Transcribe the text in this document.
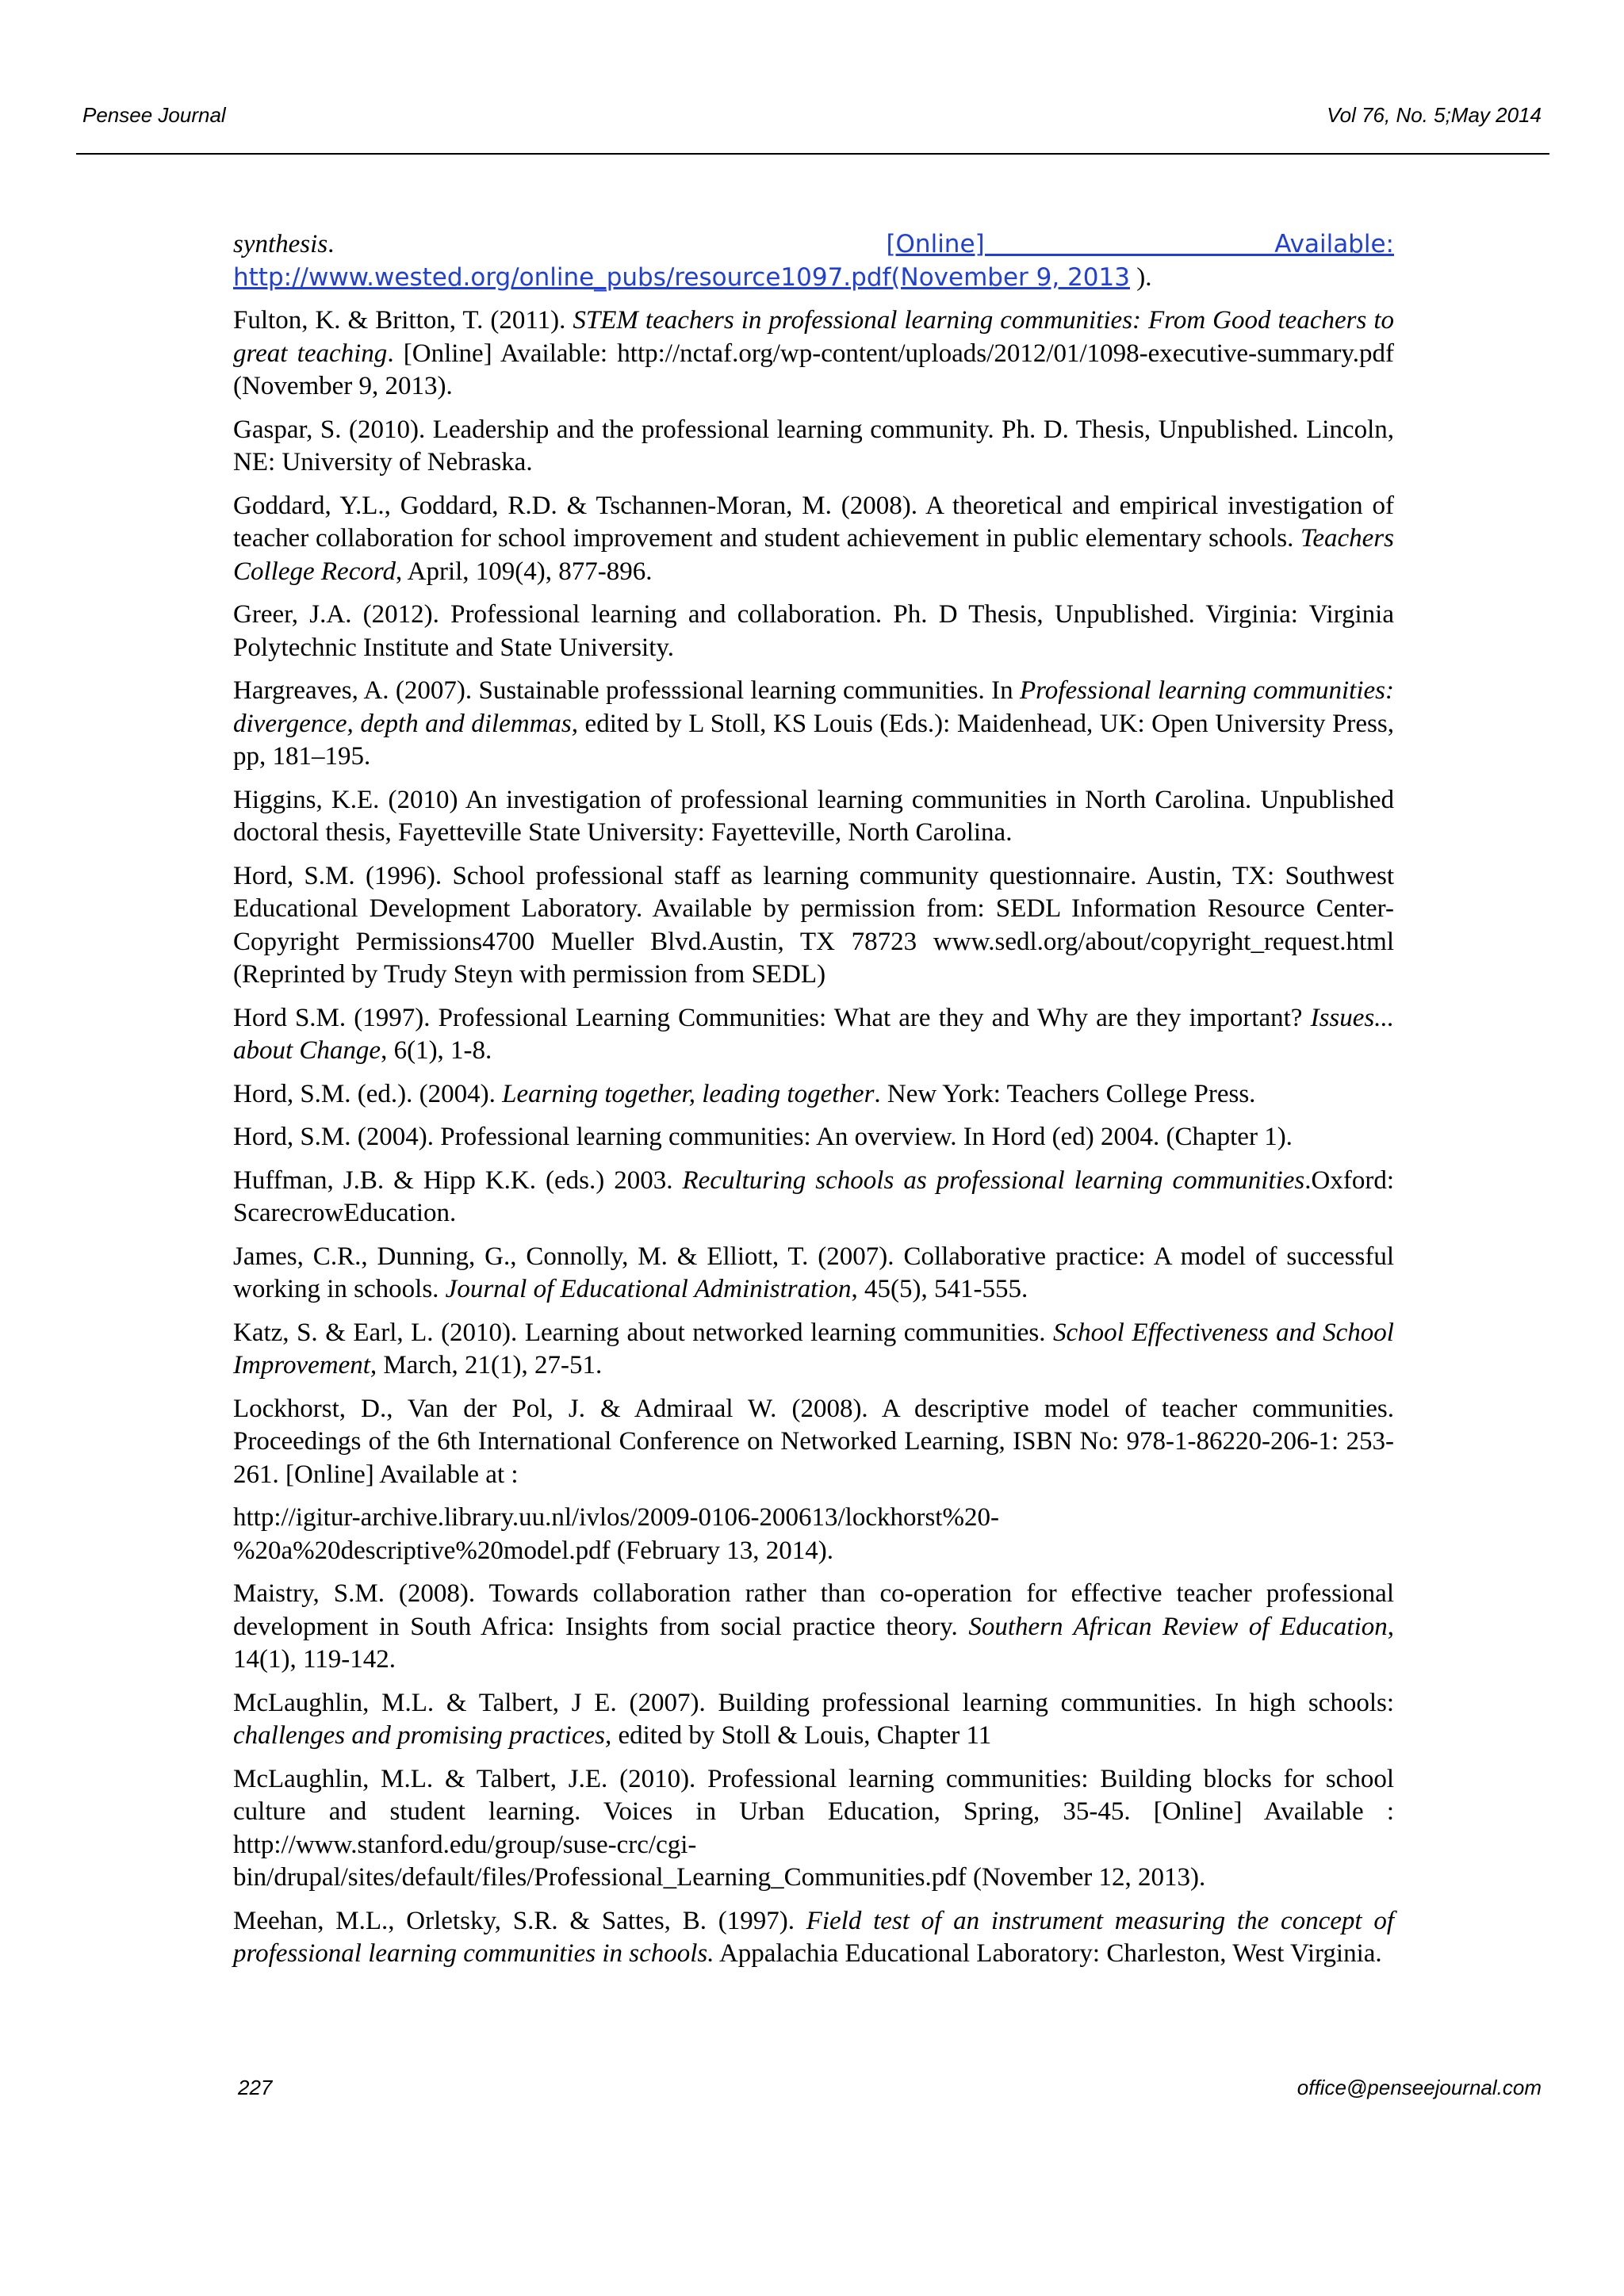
Pensee Journal	Vol 76, No. 5;May 2014

synthesis.	[Online] Available:

http://www.wested.org/online_pubs/resource1097.pdf(November 9, 2013 ).

Fulton, K. & Britton, T. (2011). STEM teachers in professional learning communities: From Good teachers to great teaching. [Online] Available: http://nctaf.org/wp-content/uploads/2012/01/1098-executive-summary.pdf (November 9, 2013).

Gaspar, S. (2010). Leadership and the professional learning community. Ph. D. Thesis, Unpublished. Lincoln, NE: University of Nebraska.

Goddard, Y.L., Goddard, R.D. & Tschannen-Moran, M. (2008). A theoretical and empirical investigation of teacher collaboration for school improvement and student achievement in public elementary schools. Teachers College Record, April, 109(4), 877-896.

Greer, J.A. (2012). Professional learning and collaboration. Ph. D Thesis, Unpublished. Virginia: Virginia Polytechnic Institute and State University.

Hargreaves, A. (2007). Sustainable professsional learning communities. In Professional learning communities: divergence, depth and dilemmas, edited by L Stoll, KS Louis (Eds.): Maidenhead, UK: Open University Press, pp, 181–195.

Higgins, K.E. (2010) An investigation of professional learning communities in North Carolina. Unpublished doctoral thesis, Fayetteville State University: Fayetteville, North Carolina.

Hord, S.M. (1996). School professional staff as learning community questionnaire. Austin, TX: Southwest Educational Development Laboratory. Available by permission from: SEDL Information Resource Center-Copyright Permissions4700 Mueller Blvd.Austin, TX 78723 www.sedl.org/about/copyright_request.html (Reprinted by Trudy Steyn with permission from SEDL)

Hord S.M. (1997). Professional Learning Communities: What are they and Why are they important? Issues... about Change, 6(1), 1-8.

Hord, S.M. (ed.). (2004). Learning together, leading together. New York: Teachers College Press.

Hord, S.M. (2004). Professional learning communities: An overview. In Hord (ed) 2004. (Chapter 1).

Huffman, J.B. & Hipp K.K. (eds.) 2003. Reculturing schools as professional learning communities.Oxford: ScarecrowEducation.

James, C.R., Dunning, G., Connolly, M. & Elliott, T. (2007). Collaborative practice: A model of successful working in schools. Journal of Educational Administration, 45(5), 541-555.

Katz, S. & Earl, L. (2010). Learning about networked learning communities. School Effectiveness and School Improvement, March, 21(1), 27-51.

Lockhorst, D., Van der Pol, J. & Admiraal W. (2008). A descriptive model of teacher communities. Proceedings of the 6th International Conference on Networked Learning, ISBN No: 978-1-86220-206-1: 253-261. [Online] Available at :

http://igitur-archive.library.uu.nl/ivlos/2009-0106-200613/lockhorst%20-
%20a%20descriptive%20model.pdf (February 13, 2014).

Maistry, S.M. (2008). Towards collaboration rather than co-operation for effective teacher professional development in South Africa: Insights from social practice theory. Southern African Review of Education, 14(1), 119-142.

McLaughlin, M.L. & Talbert, J E. (2007). Building professional learning communities. In high schools: challenges and promising practices, edited by Stoll & Louis, Chapter 11

McLaughlin, M.L. & Talbert, J.E. (2010). Professional learning communities: Building blocks for school culture and student learning. Voices in Urban Education, Spring, 35-45. [Online] Available : http://www.stanford.edu/group/suse-crc/cgi-
bin/drupal/sites/default/files/Professional_Learning_Communities.pdf (November 12, 2013).

Meehan, M.L., Orletsky, S.R. & Sattes, B. (1997). Field test of an instrument measuring the concept of professional learning communities in schools. Appalachia Educational Laboratory: Charleston, West Virginia.

227	office@penseejournal.com
